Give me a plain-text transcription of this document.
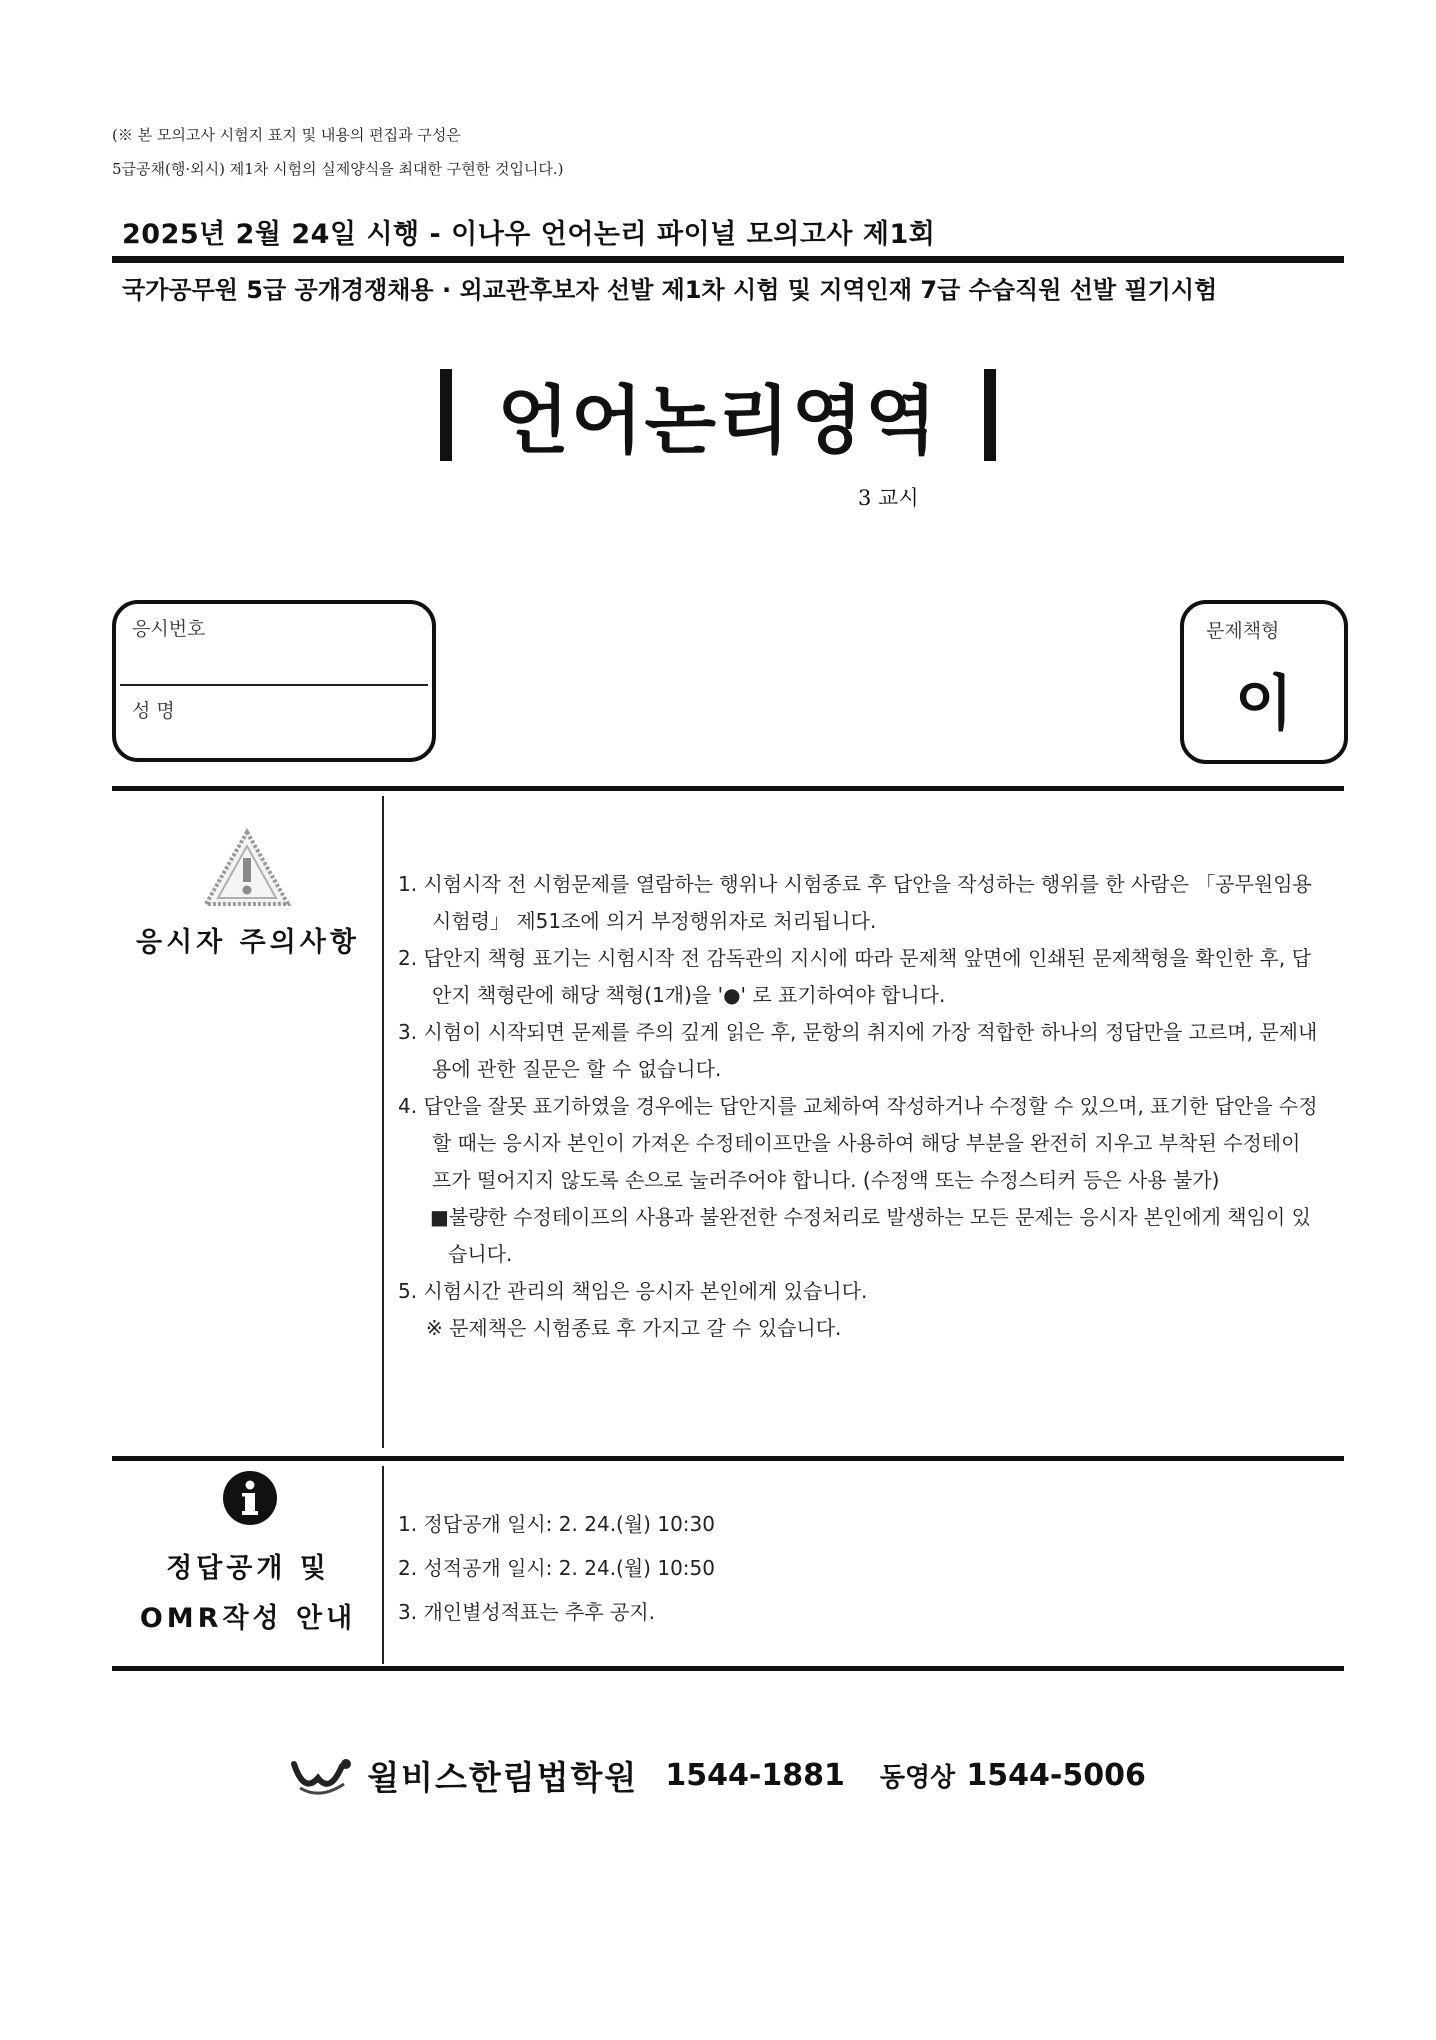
(※ 본 모의고사 시험지 표지 및 내용의 편집과 구성은
5급공채(행·외시) 제1차 시험의 실제양식을 최대한 구현한 것입니다.)
2025년 2월 24일 시행 - 이나우 언어논리 파이널 모의고사 제1회
국가공무원 5급 공개경쟁채용 · 외교관후보자 선발 제1차 시험 및 지역인재 7급 수습직원 선발 필기시험
언어논리영역
3 교시
응시번호
성 명
문제책형
이
응시자 주의사항

1. 시험시작 전 시험문제를 열람하는 행위나 시험종료 후 답안을 작성하는 행위를 한 사람은 「공무원임용시험령」 제51조에 의거 부정행위자로 처리됩니다.

2. 답안지 책형 표기는 시험시작 전 감독관의 지시에 따라 문제책 앞면에 인쇄된 문제책형을 확인한 후, 답안지 책형란에 해당 책형(1개)을 '●' 로 표기하여야 합니다.

3. 시험이 시작되면 문제를 주의 깊게 읽은 후, 문항의 취지에 가장 적합한 하나의 정답만을 고르며, 문제내용에 관한 질문은 할 수 없습니다.

4. 답안을 잘못 표기하였을 경우에는 답안지를 교체하여 작성하거나 수정할 수 있으며, 표기한 답안을 수정할 때는 응시자 본인이 가져온 수정테이프만을 사용하여 해당 부분을 완전히 지우고 부착된 수정테이프가 떨어지지 않도록 손으로 눌러주어야 합니다. (수정액 또는 수정스티커 등은 사용 불가)

■불량한 수정테이프의 사용과 불완전한 수정처리로 발생하는 모든 문제는 응시자 본인에게 책임이 있습니다.

5. 시험시간 관리의 책임은 응시자 본인에게 있습니다.

※ 문제책은 시험종료 후 가지고 갈 수 있습니다.

정답공개 및
OMR작성 안내

1. 정답공개 일시: 2. 24.(월) 10:30

2. 성적공개 일시: 2. 24.(월) 10:50

3. 개인별성적표는 추후 공지.

윌비스한림법학원 1544-1881 동영상 1544-5006
